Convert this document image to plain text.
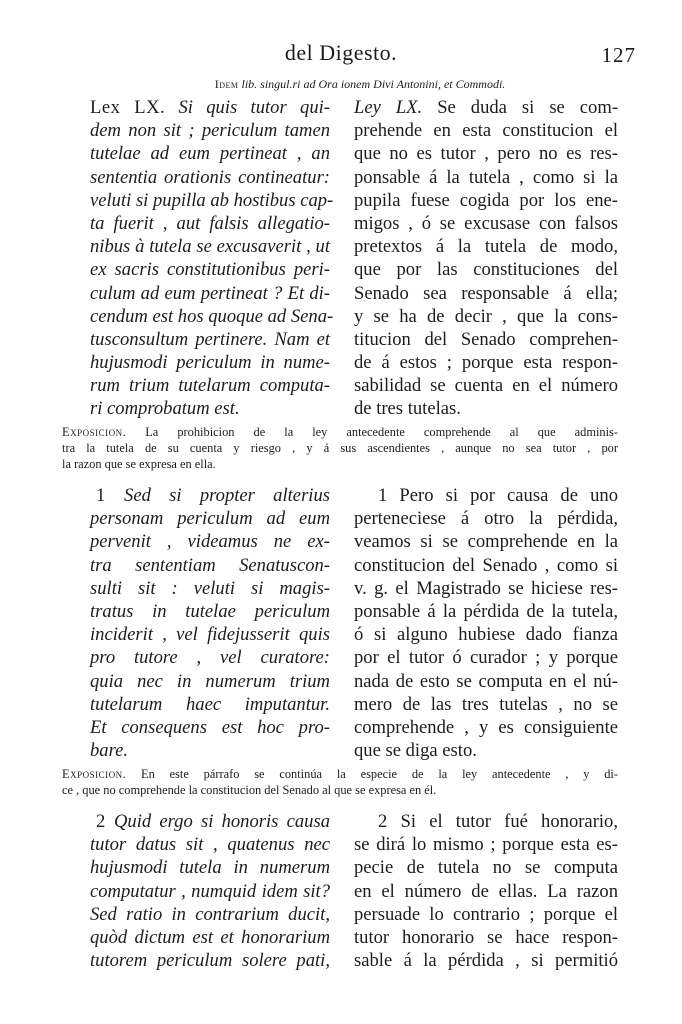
del Digesto.	127
Idem lib. singul.ri ad Ora ionem Divi Antonini, et Commodi.
Lex LX. Si quis tutor qui-
dem non sit ; periculum tamen
tutelae ad eum pertineat , an
sententia orationis contineatur:
veluti si pupilla ab hostibus cap-
ta fuerit , aut falsis allegatio-
nibus à tutela se excusaverit , ut
ex sacris constitutionibus peri-
culum ad eum pertineat ? Et di-
cendum est hos quoque ad Sena-
tusconsultum pertinere. Nam et
hujusmodi periculum in nume-
rum trium tutelarum computa-
ri comprobatum est.
Ley LX. Se duda si se com-
prehende en esta constitucion el
que no es tutor , pero no es res-
ponsable á la tutela , como si la
pupila fuese cogida por los ene-
migos , ó se excusase con falsos
pretextos á la tutela de modo,
que por las constituciones del
Senado sea responsable á ella;
y se ha de decir , que la cons-
titucion del Senado comprehen-
de á estos ; porque esta respon-
sabilidad se cuenta en el número
de tres tutelas.
Exposicion. La prohibicion de la ley antecedente comprehende al que adminis-
tra la tutela de su cuenta y riesgo , y á sus ascendientes , aunque no sea tutor , por
la razon que se expresa en ella.
1 Sed si propter alterius
personam periculum ad eum
pervenit , videamus ne ex-
tra sententiam Senatuscon-
sulti sit : veluti si magis-
tratus in tutelae periculum
inciderit , vel fidejusserit quis
pro tutore , vel curatore:
quia nec in numerum trium
tutelarum haec imputantur.
Et consequens est hoc pro-
bare.
1 Pero si por causa de uno
perteneciese á otro la pérdida,
veamos si se comprehende en la
constitucion del Senado , como si
v. g. el Magistrado se hiciese res-
ponsable á la pérdida de la tutela,
ó si alguno hubiese dado fianza
por el tutor ó curador ; y porque
nada de esto se computa en el nú-
mero de las tres tutelas , no se
comprehende , y es consiguiente
que se diga esto.
Exposicion. En este párrafo se continúa la especie de la ley antecedente , y di-
ce , que no comprehende la constitucion del Senado al que se expresa en él.
2 Quid ergo si honoris causa
tutor datus sit , quatenus nec
hujusmodi tutela in numerum
computatur , numquid idem sit?
Sed ratio in contrarium ducit,
quòd dictum est et honorarium
tutorem periculum solere pati,
2 Si el tutor fué honorario,
se dirá lo mismo ; porque esta es-
pecie de tutela no se computa
en el número de ellas. La razon
persuade lo contrario ; porque el
tutor honorario se hace respon-
sable á la pérdida , si permitió
